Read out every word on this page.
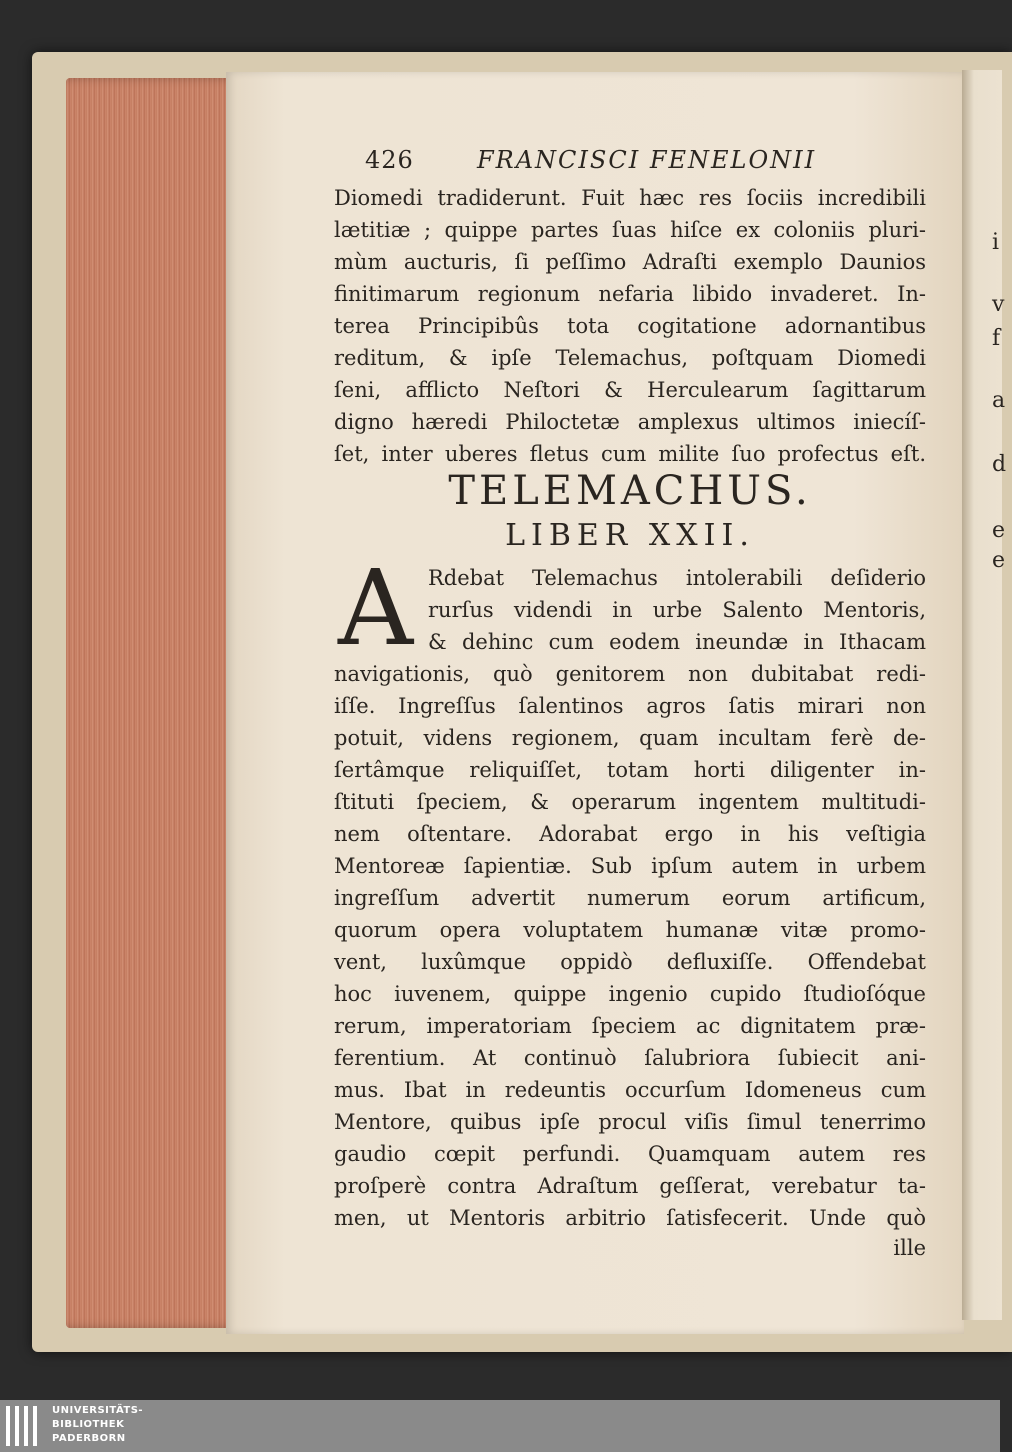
i
v
f
a
d
e
e
426	FRANCISCI FENELONII
Diomedi tradiderunt. Fuit hæc res ſociis incredibili
lætitiæ ; quippe partes ſuas hiſce ex coloniis pluri-
mùm aucturis, ſi peſſimo Adraſti exemplo Daunios
finitimarum regionum nefaria libido invaderet. In-
terea Principibûs tota cogitatione adornantibus
reditum, & ipſe Telemachus, poſtquam Diomedi
ſeni, afflicto Neſtori & Herculearum ſagittarum
digno hæredi Philoctetæ amplexus ultimos iniecíſ-
ſet, inter uberes fletus cum milite ſuo profectus eſt.
TELEMACHUS.
LIBER XXII.
A Rdebat Telemachus intolerabili deſiderio
rurſus videndi in urbe Salento Mentoris,
& dehinc cum eodem ineundæ in Ithacam
navigationis, quò genitorem non dubitabat redi-
iſſe. Ingreſſus ſalentinos agros ſatis mirari non
potuit, videns regionem, quam incultam ferè de-
ſertâmque reliquiſſet, totam horti diligenter in-
ſtituti ſpeciem, & operarum ingentem multitudi-
nem oſtentare. Adorabat ergo in his veſtigia
Mentoreæ ſapientiæ. Sub ipſum autem in urbem
ingreſſum advertit numerum eorum artificum,
quorum opera voluptatem humanæ vitæ promo-
vent, luxûmque oppidò defluxiſſe. Offendebat
hoc iuvenem, quippe ingenio cupido ſtudioſóque
rerum, imperatoriam ſpeciem ac dignitatem præ-
ferentium. At continuò ſalubriora ſubiecit ani-
mus. Ibat in redeuntis occurſum Idomeneus cum
Mentore, quibus ipſe procul viſis ſimul tenerrimo
gaudio cœpit perfundi. Quamquam autem res
proſperè contra Adraſtum geſſerat, verebatur ta-
men, ut Mentoris arbitrio ſatisfecerit. Unde quò
ille
UNIVERSITÄTS-
BIBLIOTHEK
PADERBORN
